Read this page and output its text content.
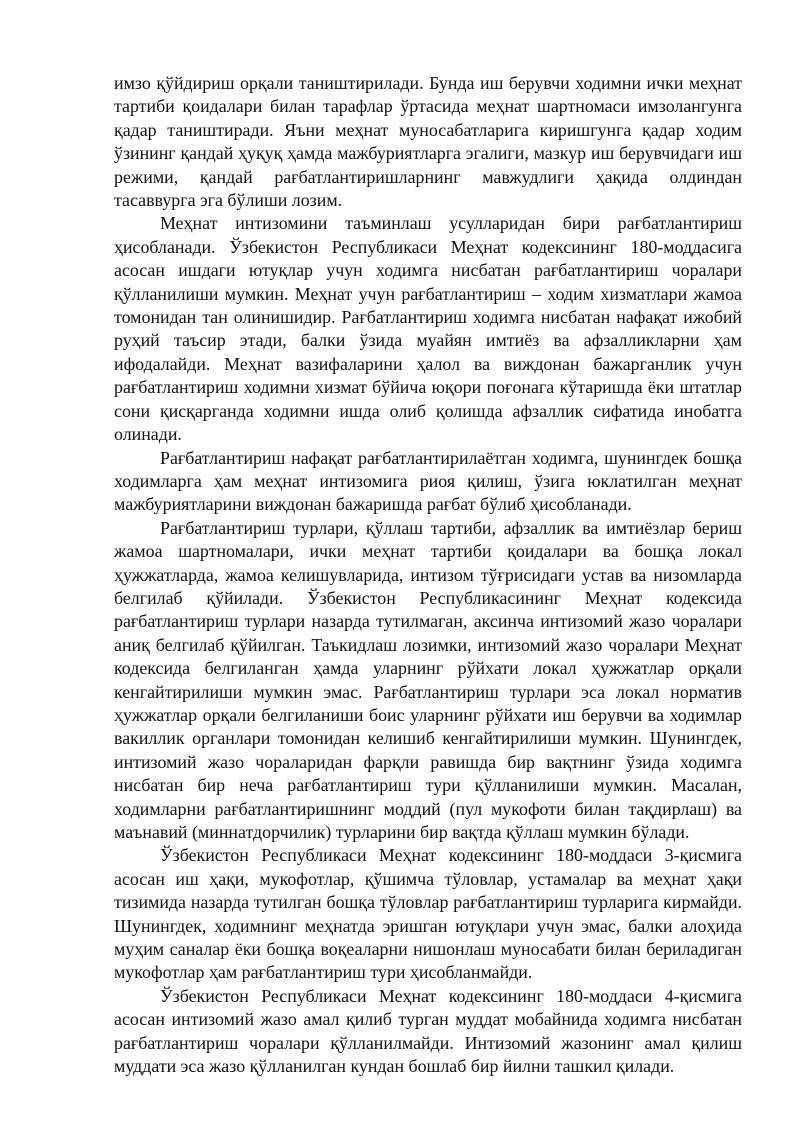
имзо қўйдириш орқали таништирилади. Бунда иш берувчи ходимни ички меҳнат тартиби қоидалари билан тарафлар ўртасида меҳнат шартномаси имзолангунга қадар таништиради. Яъни меҳнат муносабатларига киришгунга қадар ходим ўзининг қандай ҳуқуқ ҳамда мажбуриятларга эгалиги, мазкур иш берувчидаги иш режими, қандай рағбатлантиришларнинг мавжудлиги ҳақида олдиндан тасаввурга эга бўлиши лозим.

Меҳнат интизомини таъминлаш усулларидан бири рағбатлантириш ҳисобланади. Ўзбекистон Республикаси Меҳнат кодексининг 180-моддасига асосан ишдаги ютуқлар учун ходимга нисбатан рағбатлантириш чоралари қўлланилиши мумкин. Меҳнат учун рағбатлантириш – ходим хизматлари жамоа томонидан тан олинишидир. Рағбатлантириш ходимга нисбатан нафақат ижобий руҳий таъсир этади, балки ўзида муайян имтиёз ва афзалликларни ҳам ифодалайди. Меҳнат вазифаларини ҳалол ва виждонан бажарганлик учун рағбатлантириш ходимни хизмат бўйича юқори поғонага кўтаришда ёки штатлар сони қисқарганда ходимни ишда олиб қолишда афзаллик сифатида инобатга олинади.

Рағбатлантириш нафақат рағбатлантирилаётган ходимга, шунингдек бошқа ходимларга ҳам меҳнат интизомига риоя қилиш, ўзига юклатилган меҳнат мажбуриятларини виждонан бажаришда рағбат бўлиб ҳисобланади.

Рағбатлантириш турлари, қўллаш тартиби, афзаллик ва имтиёзлар бериш жамоа шартномалари, ички меҳнат тартиби қоидалари ва бошқа локал ҳужжатларда, жамоа келишувларида, интизом тўғрисидаги устав ва низомларда белгилаб қўйилади. Ўзбекистон Республикасининг Меҳнат кодексида рағбатлантириш турлари назарда тутилмаган, аксинча интизомий жазо чоралари аниқ белгилаб қўйилган. Таъкидлаш лозимки, интизомий жазо чоралари Меҳнат кодексида белгиланган ҳамда уларнинг рўйхати локал ҳужжатлар орқали кенгайтирилиши мумкин эмас. Рағбатлантириш турлари эса локал норматив ҳужжатлар орқали белгиланиши боис уларнинг рўйхати иш берувчи ва ходимлар вакиллик органлари томонидан келишиб кенгайтирилиши мумкин. Шунингдек, интизомий жазо чораларидан фарқли равишда бир вақтнинг ўзида ходимга нисбатан бир неча рағбатлантириш тури қўлланилиши мумкин. Масалан, ходимларни рағбатлантиришнинг моддий (пул мукофоти билан тақдирлаш) ва маънавий (миннатдорчилик) турларини бир вақтда қўллаш мумкин бўлади.

Ўзбекистон Республикаси Меҳнат кодексининг 180-моддаси 3-қисмига асосан иш ҳақи, мукофотлар, қўшимча тўловлар, устамалар ва меҳнат ҳақи тизимида назарда тутилган бошқа тўловлар рағбатлантириш турларига кирмайди. Шунингдек, ходимнинг меҳнатда эришган ютуқлари учун эмас, балки алоҳида муҳим саналар ёки бошқа воқеаларни нишонлаш муносабати билан бериладиган мукофотлар ҳам рағбатлантириш тури ҳисобланмайди.

Ўзбекистон Республикаси Меҳнат кодексининг 180-моддаси 4-қисмига асосан интизомий жазо амал қилиб турган муддат мобайнида ходимга нисбатан рағбатлантириш чоралари қўлланилмайди. Интизомий жазонинг амал қилиш муддати эса жазо қўлланилган кундан бошлаб бир йилни ташкил қилади.
